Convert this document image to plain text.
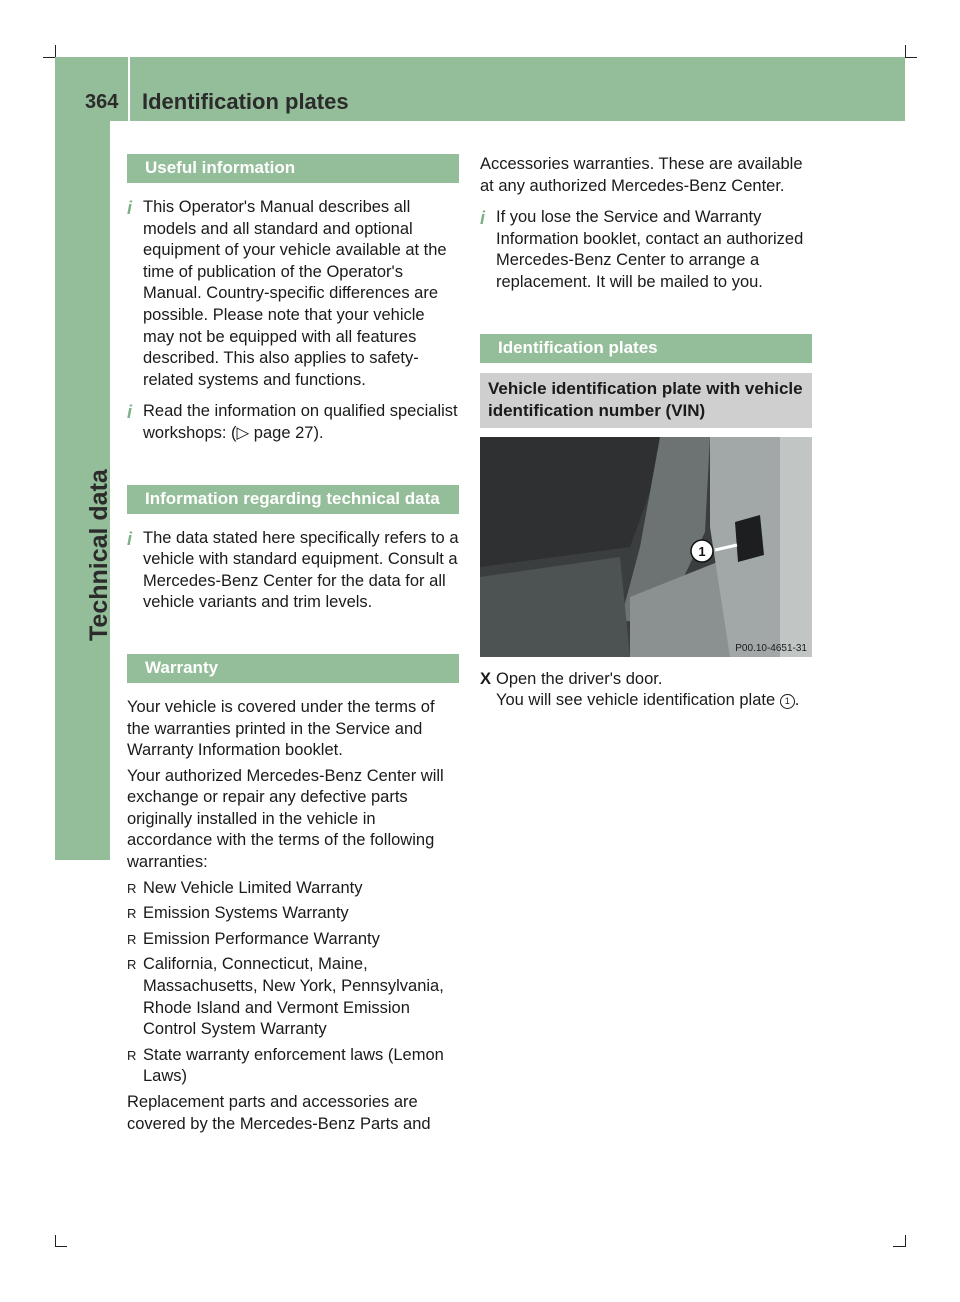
364 Identification plates
Technical data
Useful information

i This Operator's Manual describes all models and all standard and optional equipment of your vehicle available at the time of publication of the Operator's Manual. Country-specific differences are possible. Please note that your vehicle may not be equipped with all features described. This also applies to safety-related systems and functions.

i Read the information on qualified specialist workshops: (▷ page 27).

Information regarding technical data

i The data stated here specifically refers to a vehicle with standard equipment. Consult a Mercedes-Benz Center for the data for all vehicle variants and trim levels.

Warranty

Your vehicle is covered under the terms of the warranties printed in the Service and Warranty Information booklet.

Your authorized Mercedes-Benz Center will exchange or repair any defective parts originally installed in the vehicle in accordance with the terms of the following warranties:

R New Vehicle Limited Warranty
R Emission Systems Warranty
R Emission Performance Warranty
R California, Connecticut, Maine, Massachusetts, New York, Pennsylvania, Rhode Island and Vermont Emission Control System Warranty
R State warranty enforcement laws (Lemon Laws)

Replacement parts and accessories are covered by the Mercedes-Benz Parts and

Accessories warranties. These are available at any authorized Mercedes-Benz Center.

i If you lose the Service and Warranty Information booklet, contact an authorized Mercedes-Benz Center to arrange a replacement. It will be mailed to you.

Identification plates
Vehicle identification plate with vehicle identification number (VIN)
1
P00.10-4651-31
X Open the driver's door.

You will see vehicle identification plate 1 .
